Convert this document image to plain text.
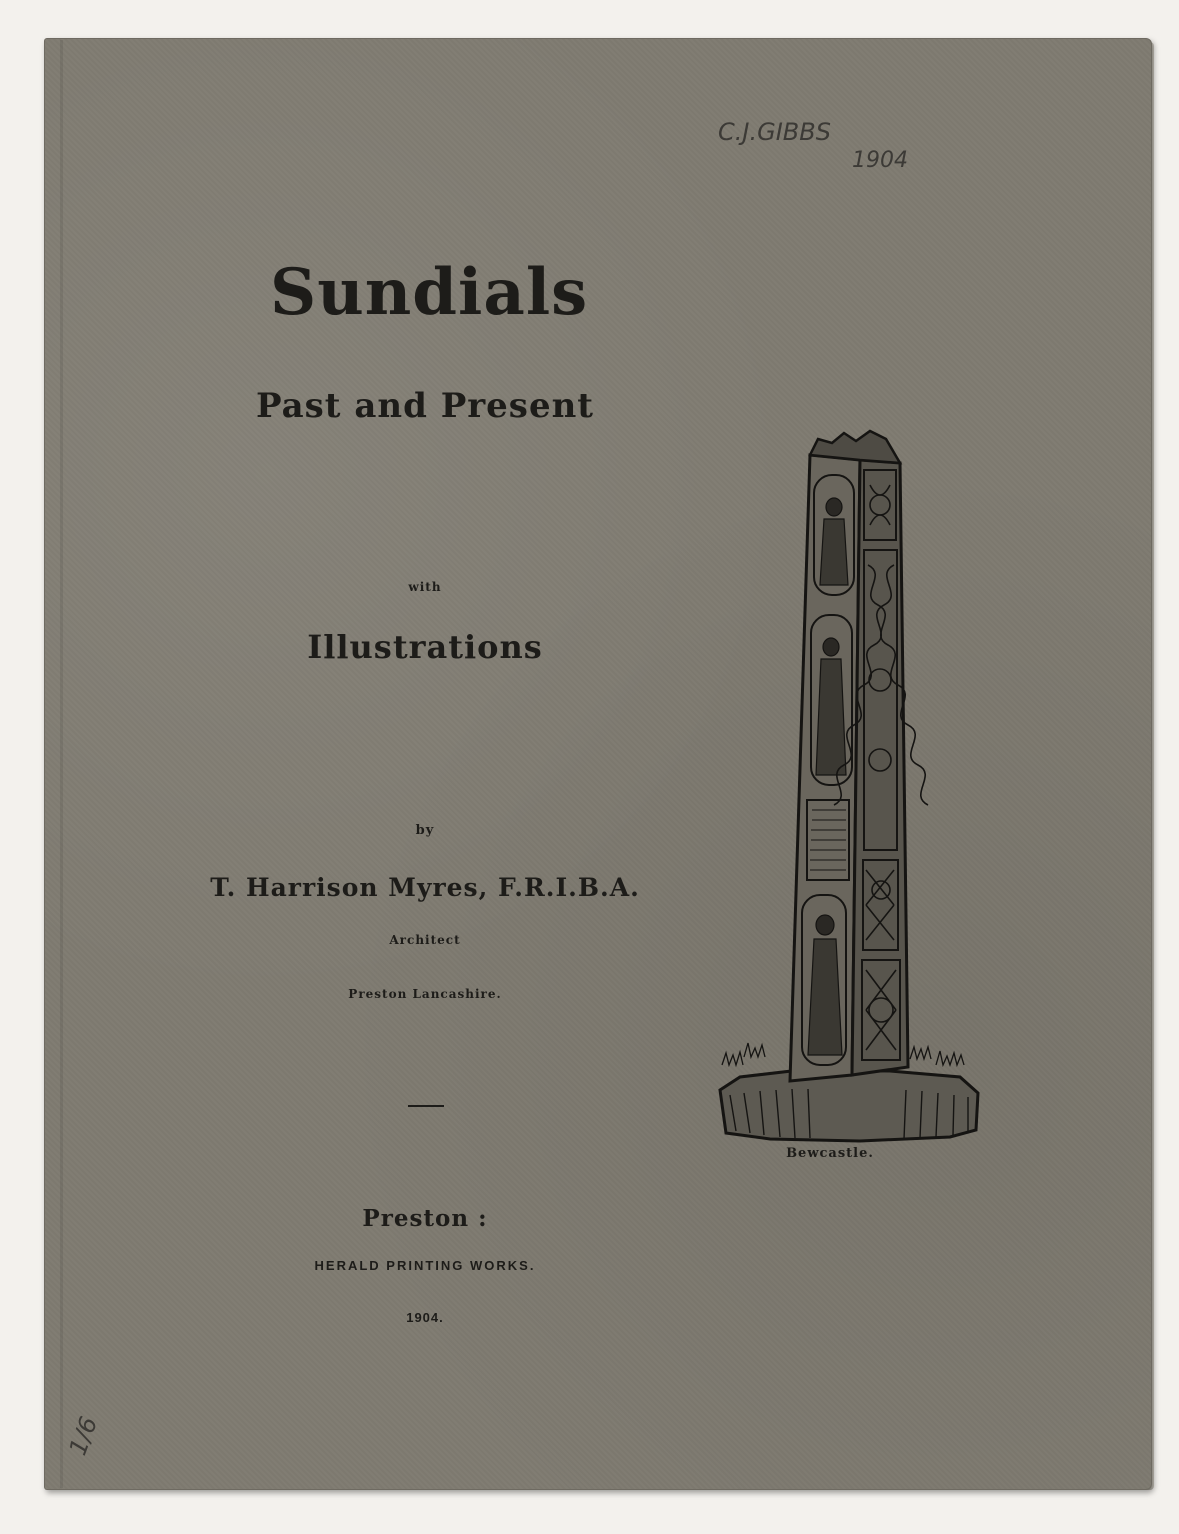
C.J.GIBBS
1904
1/6
Sundials
Past and Present
with
Illustrations
by
T. Harrison Myres, F.R.I.B.A.
Architect
Preston Lancashire.
Preston :
HERALD PRINTING WORKS.
1904.
Bewcastle.
